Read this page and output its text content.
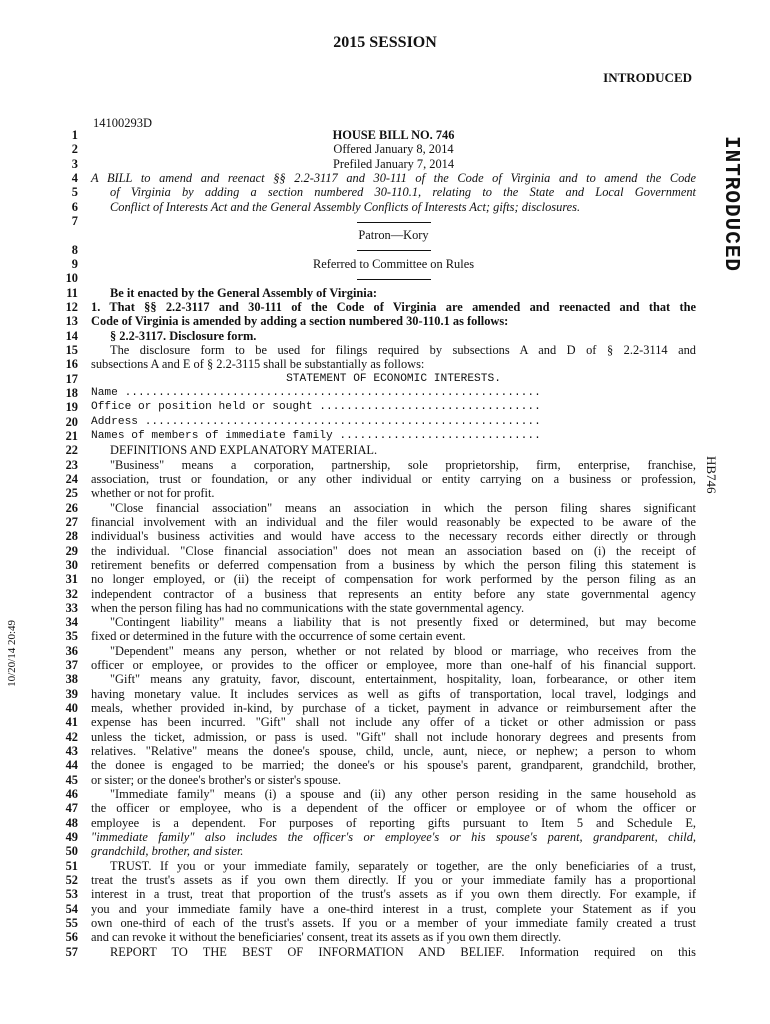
2015 SESSION
INTRODUCED
14100293D
INTRODUCED
HB746
10/20/14 20:49
1	HOUSE BILL NO. 746
2	Offered January 8, 2014
3	Prefiled January 7, 2014
4 A BILL to amend and reenact §§ 2.2-3117 and 30-111 of the Code of Virginia and to amend the Code
5	of Virginia by adding a section numbered 30-110.1, relating to the State and Local Government
6	Conflict of Interests Act and the General Assembly Conflicts of Interests Act; gifts; disclosures.
7
Patron—Kory
8
9	Referred to Committee on Rules
10
11	Be it enacted by the General Assembly of Virginia:
12 1. That §§ 2.2-3117 and 30-111 of the Code of Virginia are amended and reenacted and that the
13 Code of Virginia is amended by adding a section numbered 30-110.1 as follows:
14	§ 2.2-3117. Disclosure form.
15	The disclosure form to be used for filings required by subsections A and D of § 2.2-3114 and
16 subsections A and E of § 2.2-3115 shall be substantially as follows:
17	STATEMENT OF ECONOMIC INTERESTS.
18 Name ..............................................................
19 Office or position held or sought .................................
20 Address ...........................................................
21 Names of members of immediate family ..............................
22	DEFINITIONS AND EXPLANATORY MATERIAL.
23	"Business" means a corporation, partnership, sole proprietorship, firm, enterprise, franchise,
24 association, trust or foundation, or any other individual or entity carrying on a business or profession,
25 whether or not for profit.
26	"Close financial association" means an association in which the person filing shares significant
27 financial involvement with an individual and the filer would reasonably be expected to be aware of the
28 individual's business activities and would have access to the necessary records either directly or through
29 the individual. "Close financial association" does not mean an association based on (i) the receipt of
30 retirement benefits or deferred compensation from a business by which the person filing this statement is
31 no longer employed, or (ii) the receipt of compensation for work performed by the person filing as an
32 independent contractor of a business that represents an entity before any state governmental agency
33 when the person filing has had no communications with the state governmental agency.
34	"Contingent liability" means a liability that is not presently fixed or determined, but may become
35 fixed or determined in the future with the occurrence of some certain event.
36	"Dependent" means any person, whether or not related by blood or marriage, who receives from the
37 officer or employee, or provides to the officer or employee, more than one-half of his financial support.
38	"Gift" means any gratuity, favor, discount, entertainment, hospitality, loan, forbearance, or other item
39 having monetary value. It includes services as well as gifts of transportation, local travel, lodgings and
40 meals, whether provided in-kind, by purchase of a ticket, payment in advance or reimbursement after the
41 expense has been incurred. "Gift" shall not include any offer of a ticket or other admission or pass
42 unless the ticket, admission, or pass is used. "Gift" shall not include honorary degrees and presents from
43 relatives. "Relative" means the donee's spouse, child, uncle, aunt, niece, or nephew; a person to whom
44 the donee is engaged to be married; the donee's or his spouse's parent, grandparent, grandchild, brother,
45 or sister; or the donee's brother's or sister's spouse.
46	"Immediate family" means (i) a spouse and (ii) any other person residing in the same household as
47 the officer or employee, who is a dependent of the officer or employee or of whom the officer or
48 employee is a dependent. For purposes of reporting gifts pursuant to Item 5 and Schedule E,
49 "immediate family" also includes the officer's or employee's or his spouse's parent, grandparent, child,
50 grandchild, brother, and sister.
51	TRUST. If you or your immediate family, separately or together, are the only beneficiaries of a trust,
52 treat the trust's assets as if you own them directly. If you or your immediate family has a proportional
53 interest in a trust, treat that proportion of the trust's assets as if you own them directly. For example, if
54 you and your immediate family have a one-third interest in a trust, complete your Statement as if you
55 own one-third of each of the trust's assets. If you or a member of your immediate family created a trust
56 and can revoke it without the beneficiaries' consent, treat its assets as if you own them directly.
57	REPORT TO THE BEST OF INFORMATION AND BELIEF. Information required on this
